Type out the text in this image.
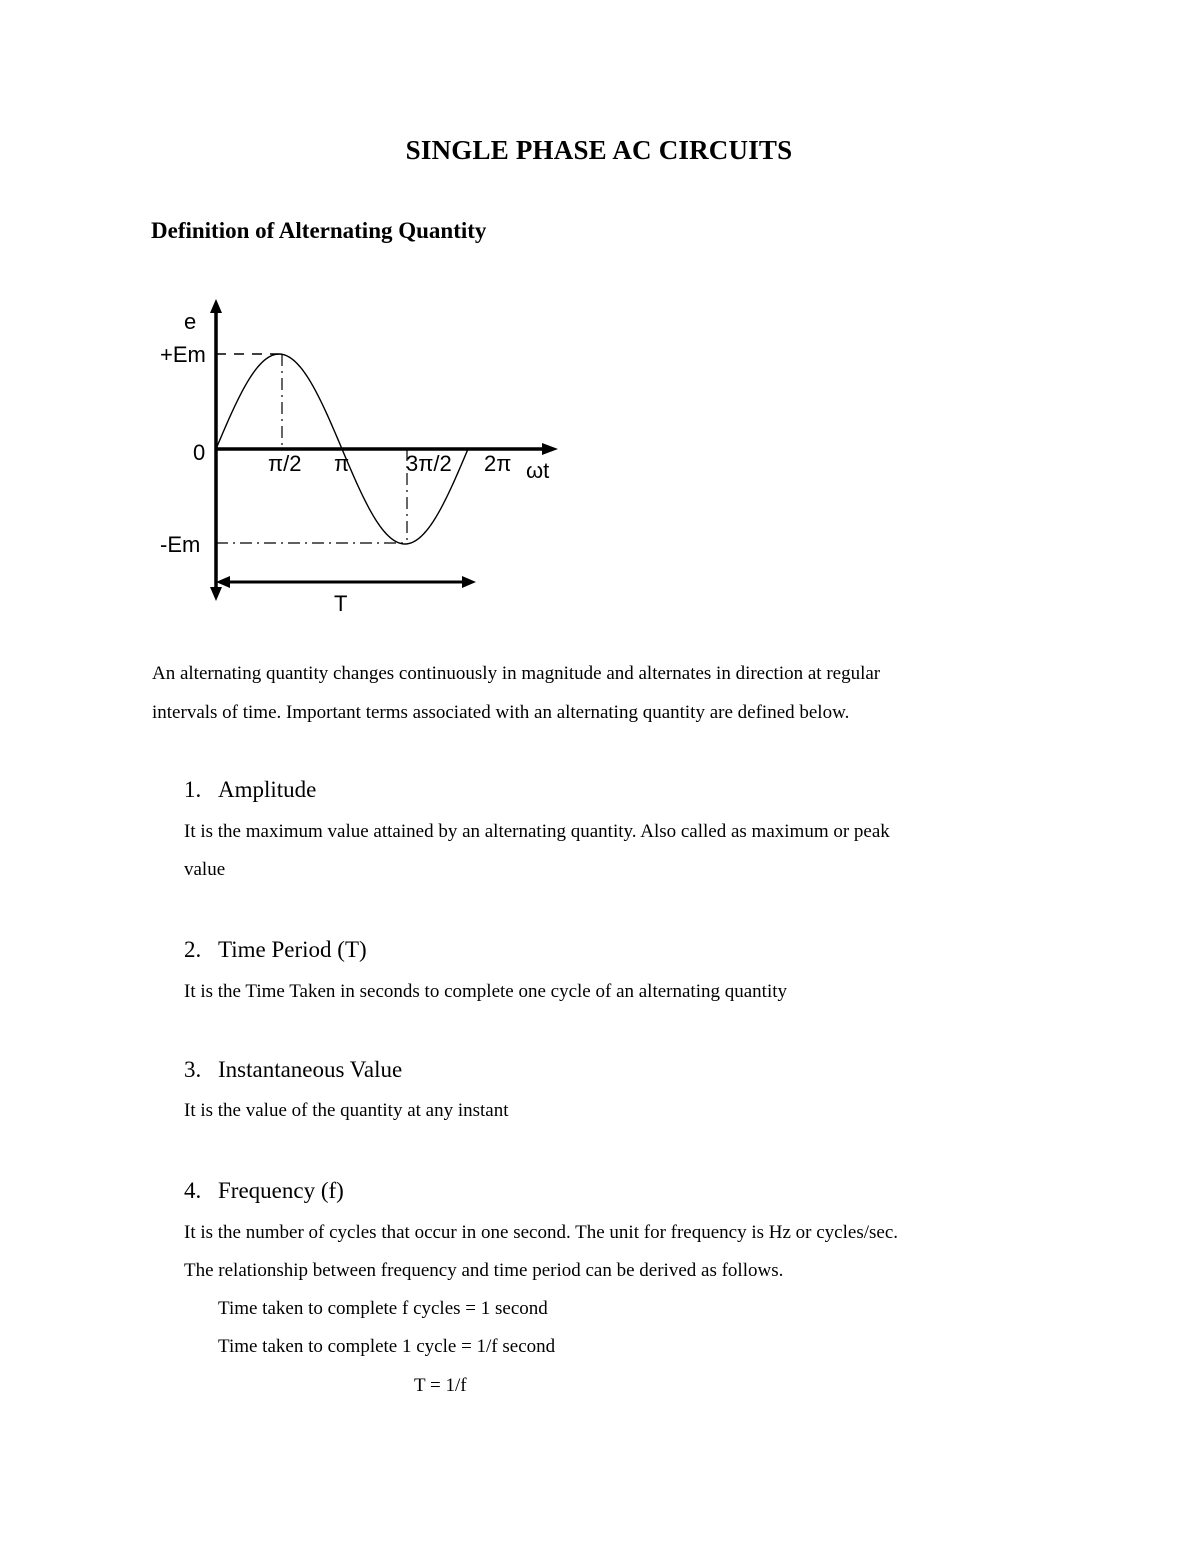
SINGLE PHASE AC CIRCUITS
Definition of Alternating Quantity
e
+Em
0
-Em
π/2 π	3π/2 2π ωt
T
An alternating quantity changes continuously in magnitude and alternates in direction at regular
intervals of time. Important terms associated with an alternating quantity are defined below.
1. Amplitude
It is the maximum value attained by an alternating quantity. Also called as maximum or peak
value
2. Time Period (T)
It is the Time Taken in seconds to complete one cycle of an alternating quantity
3. Instantaneous Value
It is the value of the quantity at any instant
4. Frequency (f)
It is the number of cycles that occur in one second. The unit for frequency is Hz or cycles/sec.
The relationship between frequency and time period can be derived as follows.
Time taken to complete f cycles = 1 second
Time taken to complete 1 cycle = 1/f second
T = 1/f
